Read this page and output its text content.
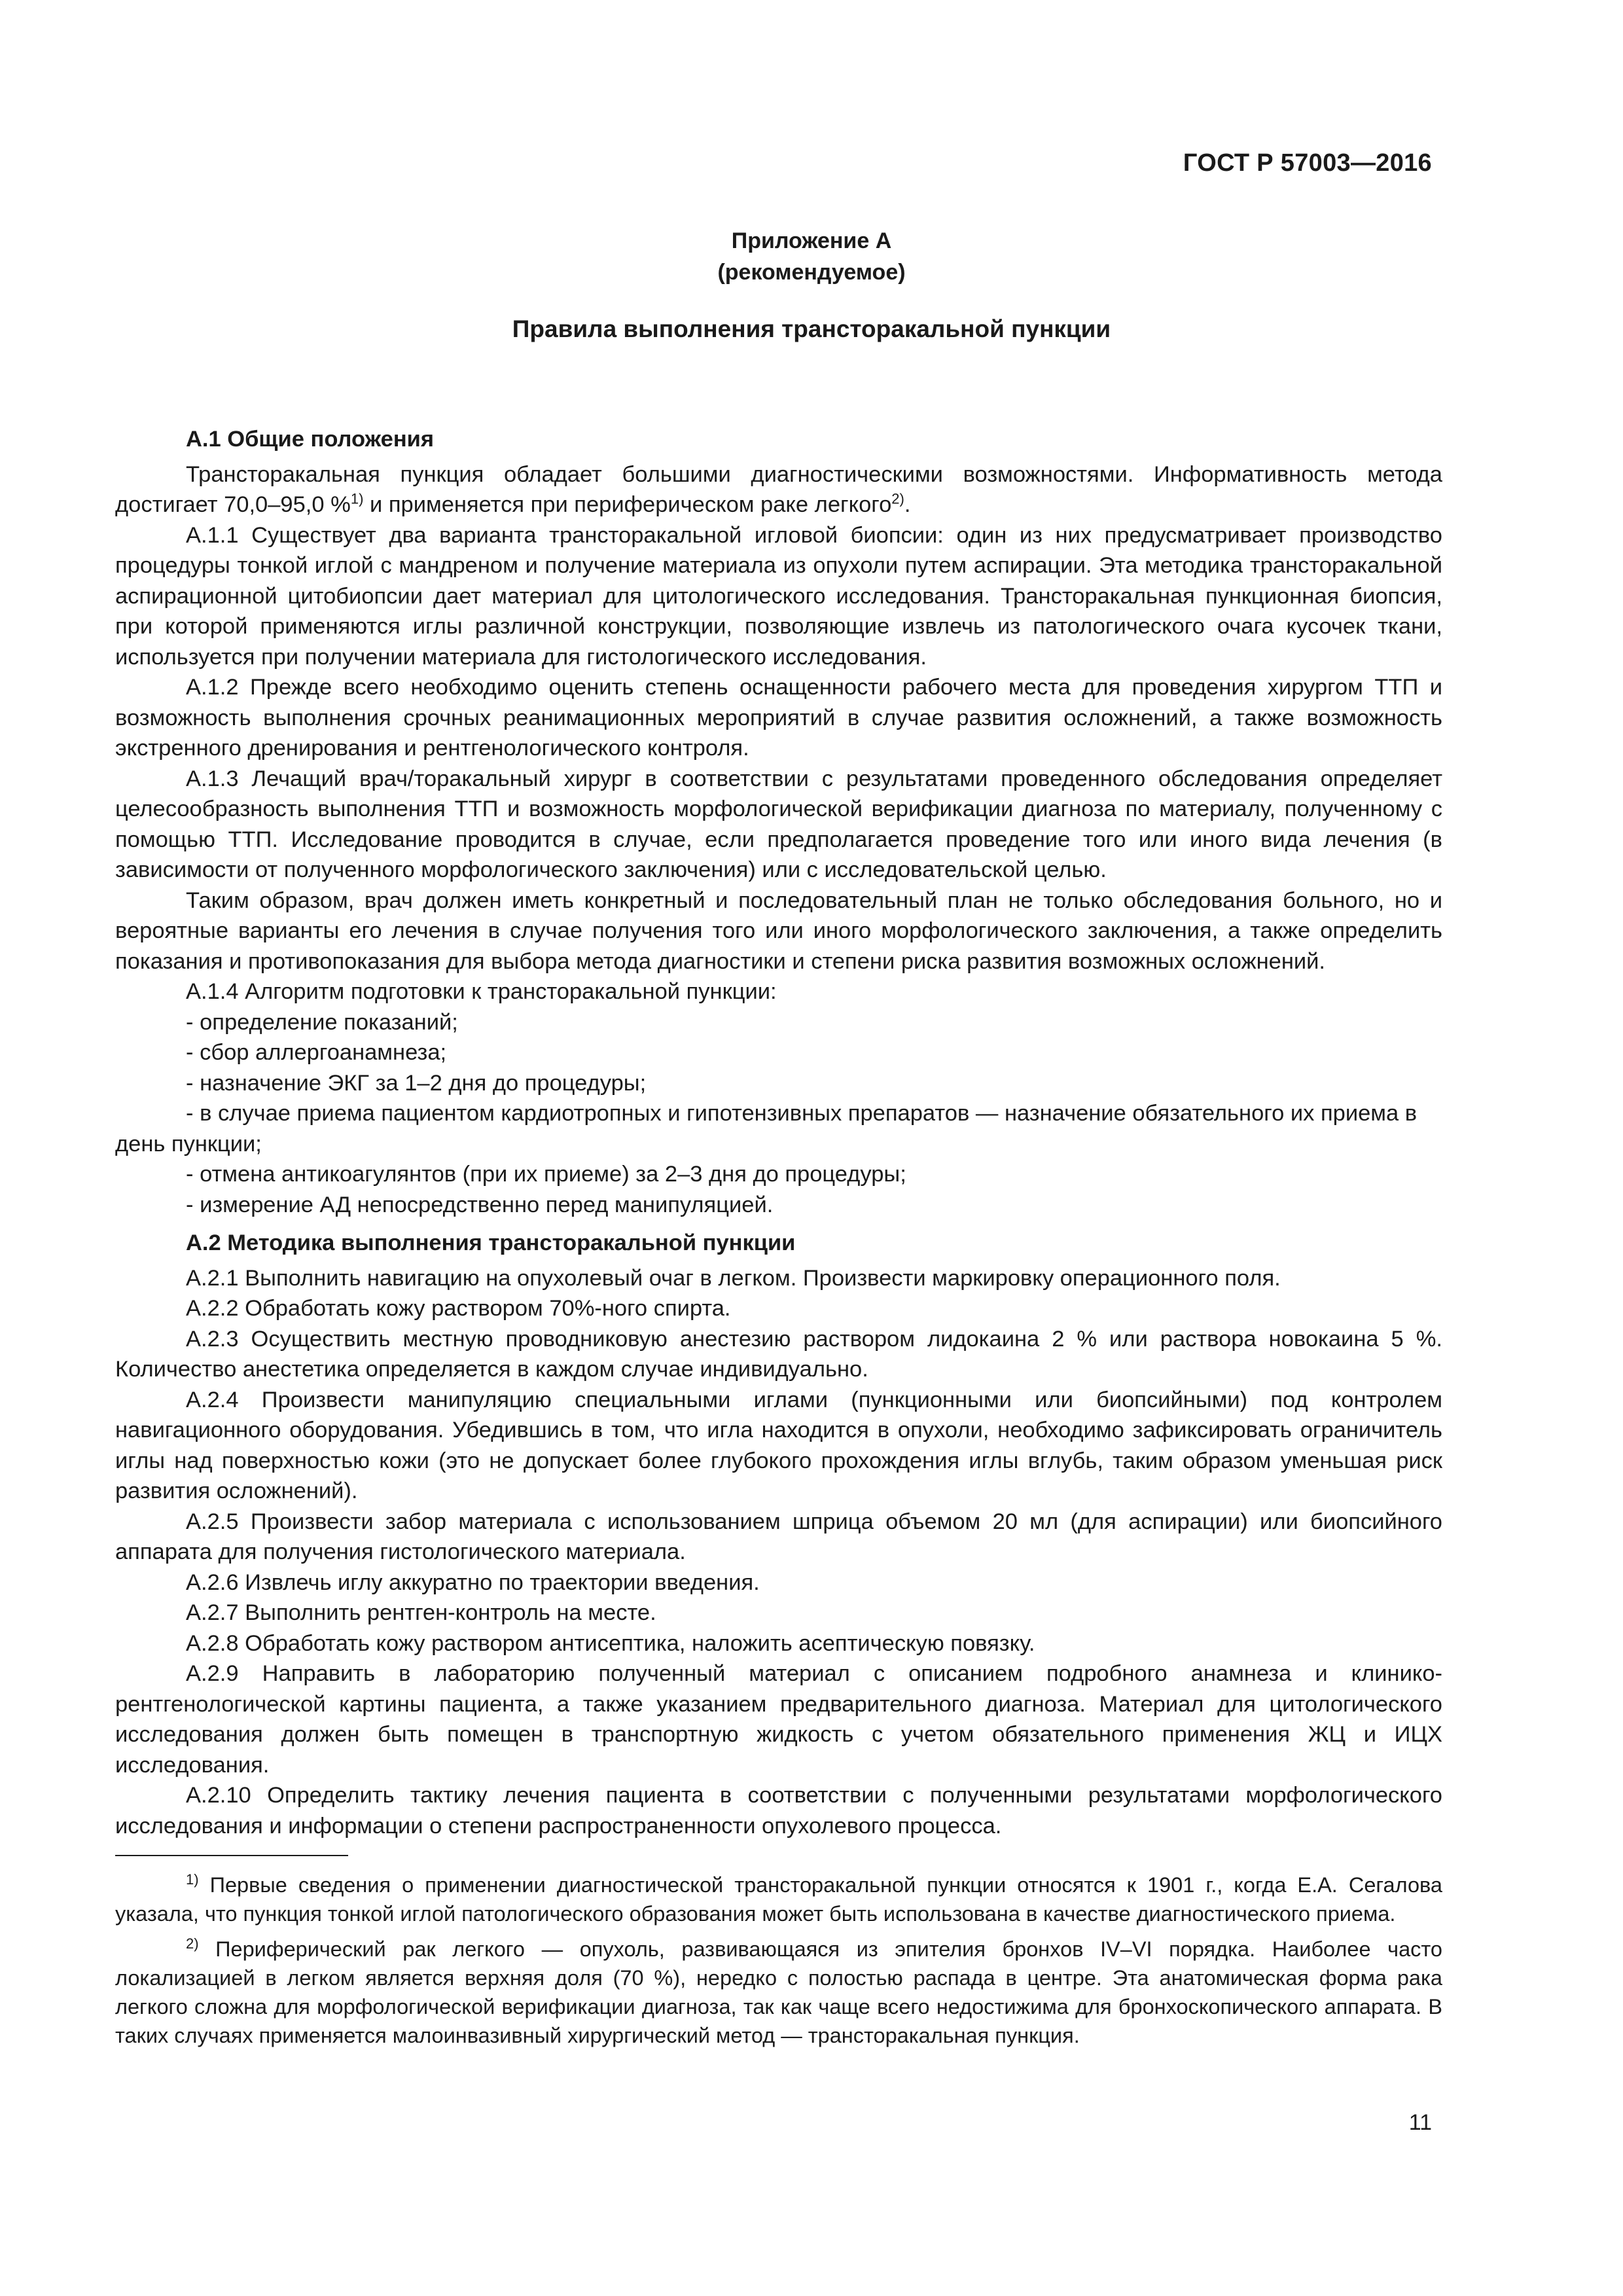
ГОСТ Р 57003—2016
Приложение А
(рекомендуемое)
Правила выполнения трансторакальной пункции

А.1 Общие положения

Трансторакальная пункция обладает большими диагностическими возможностями. Информативность метода достигает 70,0–95,0 %$^{1)}$ и применяется при периферическом раке легкого$^{2)}$.

А.1.1 Существует два варианта трансторакальной игловой биопсии: один из них предусматривает производство процедуры тонкой иглой с мандреном и получение материала из опухоли путем аспирации. Эта методика трансторакальной аспирационной цитобиопсии дает материал для цитологического исследования. Трансторакальная пункционная биопсия, при которой применяются иглы различной конструкции, позволяющие извлечь из патологического очага кусочек ткани, используется при получении материала для гистологического исследования.

А.1.2 Прежде всего необходимо оценить степень оснащенности рабочего места для проведения хирургом ТТП и возможность выполнения срочных реанимационных мероприятий в случае развития осложнений, а также возможность экстренного дренирования и рентгенологического контроля.

А.1.3 Лечащий врач/торакальный хирург в соответствии с результатами проведенного обследования определяет целесообразность выполнения ТТП и возможность морфологической верификации диагноза по материалу, полученному с помощью ТТП. Исследование проводится в случае, если предполагается проведение того или иного вида лечения (в зависимости от полученного морфологического заключения) или с исследовательской целью.

Таким образом, врач должен иметь конкретный и последовательный план не только обследования больного, но и вероятные варианты его лечения в случае получения того или иного морфологического заключения, а также определить показания и противопоказания для выбора метода диагностики и степени риска развития возможных осложнений.

А.1.4 Алгоритм подготовки к трансторакальной пункции:

- определение показаний;

- сбор аллергоанамнеза;

- назначение ЭКГ за 1–2 дня до процедуры;

- в случае приема пациентом кардиотропных и гипотензивных препаратов — назначение обязательного их приема в день пункции;

- отмена антикоагулянтов (при их приеме) за 2–3 дня до процедуры;

- измерение АД непосредственно перед манипуляцией.

А.2 Методика выполнения трансторакальной пункции

А.2.1 Выполнить навигацию на опухолевый очаг в легком. Произвести маркировку операционного поля.

А.2.2 Обработать кожу раствором 70%-ного спирта.

А.2.3 Осуществить местную проводниковую анестезию раствором лидокаина 2 % или раствора новокаина 5 %. Количество анестетика определяется в каждом случае индивидуально.

А.2.4 Произвести манипуляцию специальными иглами (пункционными или биопсийными) под контролем навигационного оборудования. Убедившись в том, что игла находится в опухоли, необходимо зафиксировать ограничитель иглы над поверхностью кожи (это не допускает более глубокого прохождения иглы вглубь, таким образом уменьшая риск развития осложнений).

А.2.5 Произвести забор материала с использованием шприца объемом 20 мл (для аспирации) или биопсийного аппарата для получения гистологического материала.

А.2.6 Извлечь иглу аккуратно по траектории введения.

А.2.7 Выполнить рентген-контроль на месте.

А.2.8 Обработать кожу раствором антисептика, наложить асептическую повязку.

А.2.9 Направить в лабораторию полученный материал с описанием подробного анамнеза и клинико-рентгенологической картины пациента, а также указанием предварительного диагноза. Материал для цитологического исследования должен быть помещен в транспортную жидкость с учетом обязательного применения ЖЦ и ИЦХ исследования.

А.2.10 Определить тактику лечения пациента в соответствии с полученными результатами морфологического исследования и информации о степени распространенности опухолевого процесса.

$^{1)}$ Первые сведения о применении диагностической трансторакальной пункции относятся к 1901 г., когда Е.А. Сегалова указала, что пункция тонкой иглой патологического образования может быть использована в качестве диагностического приема.

$^{2)}$ Периферический рак легкого — опухоль, развивающаяся из эпителия бронхов IV–VI порядка. Наиболее часто локализацией в легком является верхняя доля (70 %), нередко с полостью распада в центре. Эта анатомическая форма рака легкого сложна для морфологической верификации диагноза, так как чаще всего недостижима для бронхоскопического аппарата. В таких случаях применяется малоинвазивный хирургический метод — трансторакальная пункция.

11
